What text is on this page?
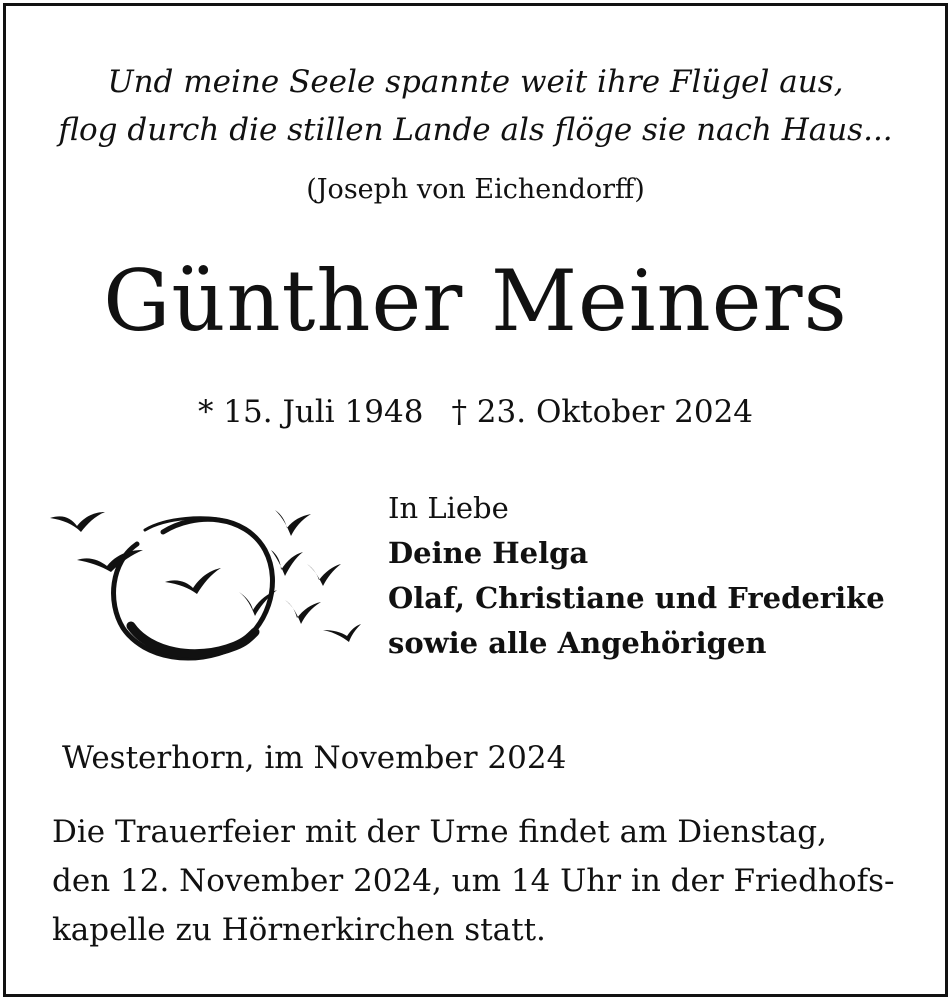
Und meine Seele spannte weit ihre Flügel aus,
flog durch die stillen Lande als flöge sie nach Haus...
(Joseph von Eichendorff)
Günther Meiners
* 15. Juli 1948 † 23. Oktober 2024
In Liebe
Deine Helga
Olaf, Christiane und Frederike
sowie alle Angehörigen
Westerhorn, im November 2024
Die Trauerfeier mit der Urne findet am Dienstag,
den 12. November 2024, um 14 Uhr in der Friedhofs-
kapelle zu Hörnerkirchen statt.
